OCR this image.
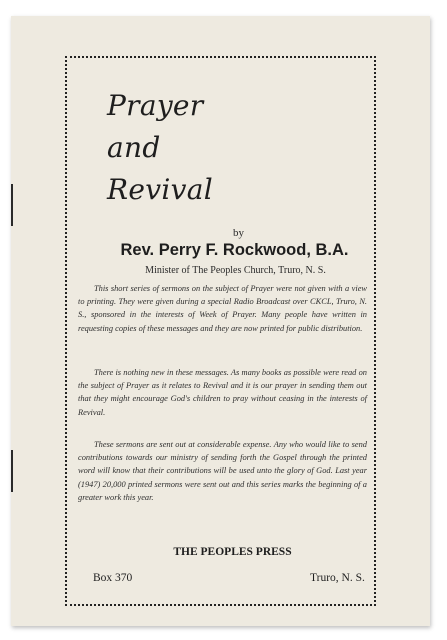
Prayer
and
Revival
by
Rev. Perry F. Rockwood, B.A.
Minister of The Peoples Church, Truro, N. S.

This short series of sermons on the subject of Prayer were not given with a view to printing. They were given during a special Radio Broadcast over CKCL, Truro, N. S., sponsored in the interests of Week of Prayer. Many people have written in requesting copies of these messages and they are now printed for public distribution.

There is nothing new in these messages. As many books as possible were read on the subject of Prayer as it relates to Revival and it is our prayer in sending them out that they might encourage God's children to pray without ceasing in the interests of Revival.

These sermons are sent out at considerable expense. Any who would like to send contributions towards our ministry of sending forth the Gospel through the printed word will know that their contributions will be used unto the glory of God. Last year (1947) 20,000 printed sermons were sent out and this series marks the beginning of a greater work this year.

THE PEOPLES PRESS
Box 370	Truro, N. S.
